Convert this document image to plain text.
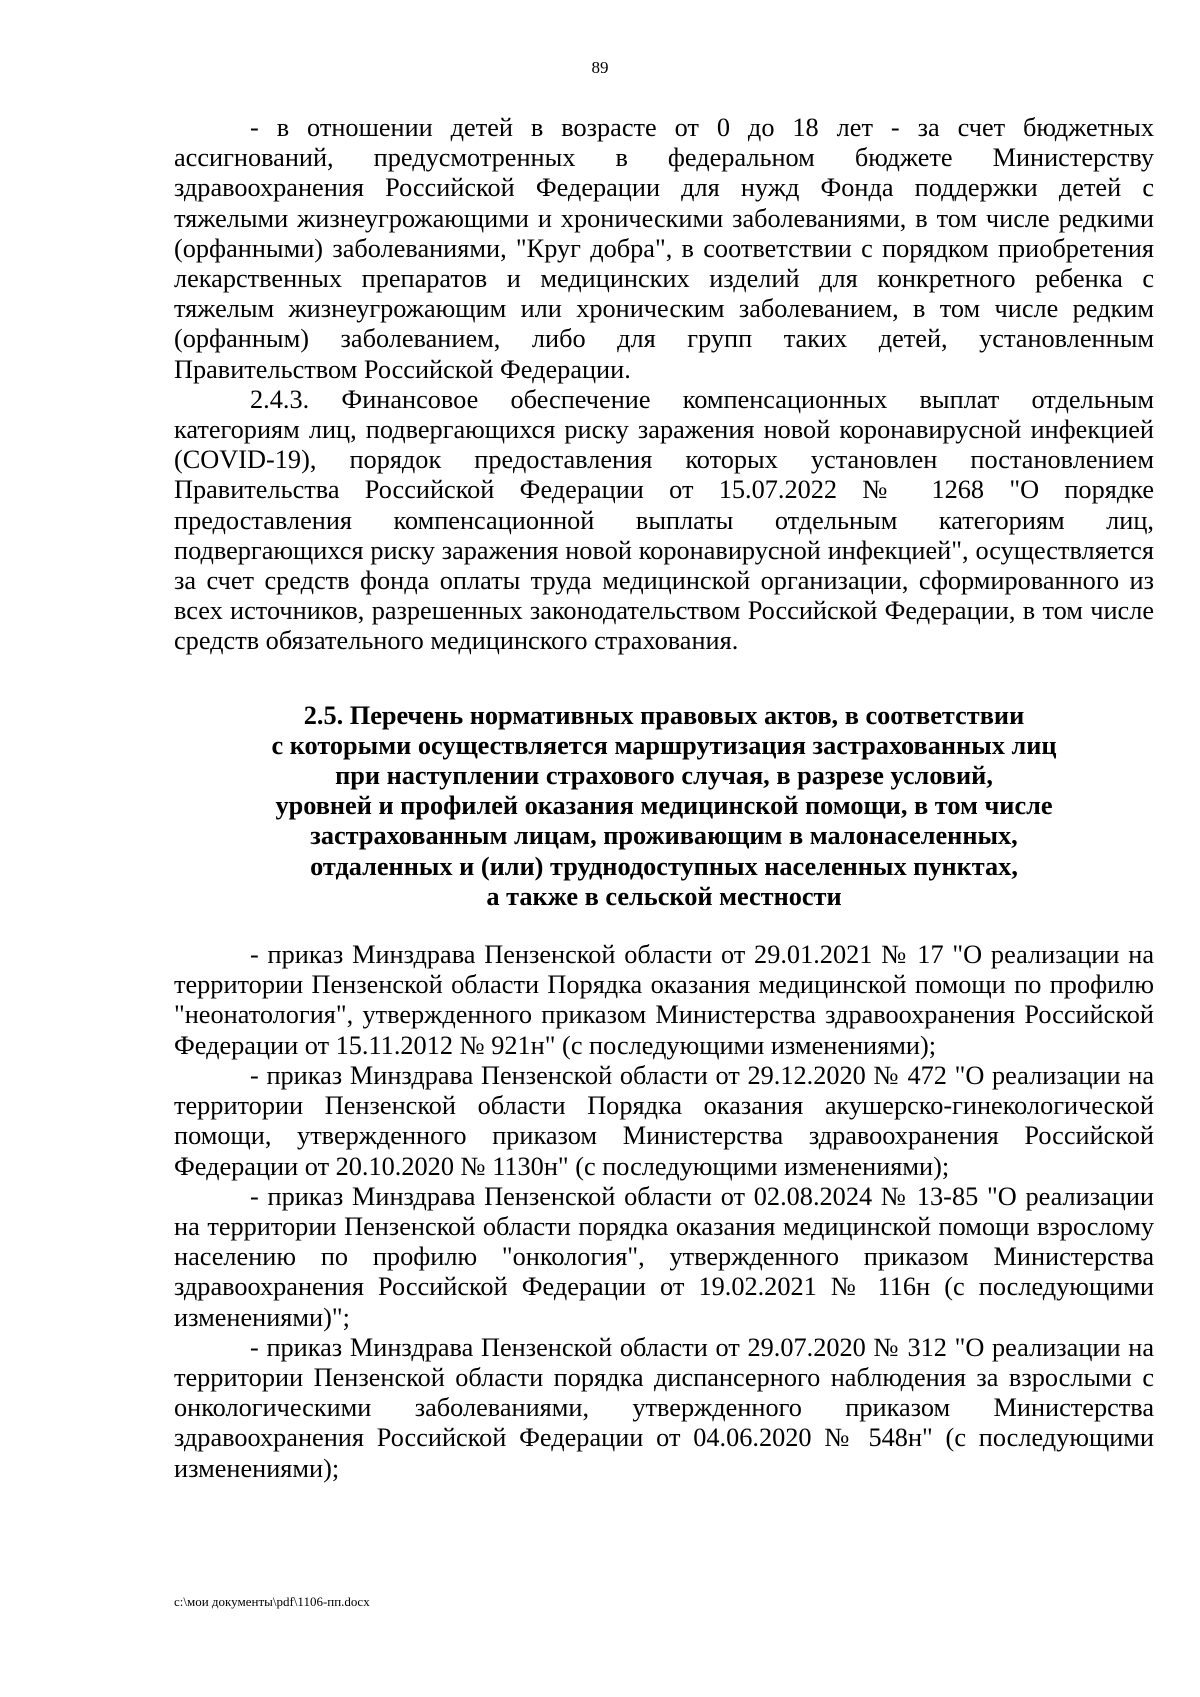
89

- в отношении детей в возрасте от 0 до 18 лет - за счет бюджетных ассигнований, предусмотренных в федеральном бюджете Министерству здравоохранения Российской Федерации для нужд Фонда поддержки детей с тяжелыми жизнеугрожающими и хроническими заболеваниями, в том числе редкими (орфанными) заболеваниями, "Круг добра", в соответствии с порядком приобретения лекарственных препаратов и медицинских изделий для конкретного ребенка с тяжелым жизнеугрожающим или хроническим заболеванием, в том числе редким (орфанным) заболеванием, либо для групп таких детей, установленным Правительством Российской Федерации.

2.4.3. Финансовое обеспечение компенсационных выплат отдельным категориям лиц, подвергающихся риску заражения новой коронавирусной инфекцией (COVID-19), порядок предоставления которых установлен постановлением Правительства Российской Федерации от 15.07.2022 № 1268 "О порядке предоставления компенсационной выплаты отдельным категориям лиц, подвергающихся риску заражения новой коронавирусной инфекцией", осуществляется за счет средств фонда оплаты труда медицинской организации, сформированного из всех источников, разрешенных законодательством Российской Федерации, в том числе средств обязательного медицинского страхования.

2.5. Перечень нормативных правовых актов, в соответствии
с которыми осуществляется маршрутизация застрахованных лиц
при наступлении страхового случая, в разрезе условий,
уровней и профилей оказания медицинской помощи, в том числе
застрахованным лицам, проживающим в малонаселенных,
отдаленных и (или) труднодоступных населенных пунктах,
а также в сельской местности

- приказ Минздрава Пензенской области от 29.01.2021 № 17 "О реализации на территории Пензенской области Порядка оказания медицинской помощи по профилю "неонатология", утвержденного приказом Министерства здравоохранения Российской Федерации от 15.11.2012 № 921н" (с последующими изменениями);

- приказ Минздрава Пензенской области от 29.12.2020 № 472 "О реализации на территории Пензенской области Порядка оказания акушерско-гинекологической помощи, утвержденного приказом Министерства здравоохранения Российской Федерации от 20.10.2020 № 1130н" (с последующими изменениями);

- приказ Минздрава Пензенской области от 02.08.2024 № 13-85 "О реализации на территории Пензенской области порядка оказания медицинской помощи взрослому населению по профилю "онкология", утвержденного приказом Министерства здравоохранения Российской Федерации от 19.02.2021 № 116н (с последующими изменениями)";

- приказ Минздрава Пензенской области от 29.07.2020 № 312 "О реализации на территории Пензенской области порядка диспансерного наблюдения за взрослыми с онкологическими заболеваниями, утвержденного приказом Министерства здравоохранения Российской Федерации от 04.06.2020 № 548н" (с последующими изменениями);

c:\мои документы\pdf\1106-пп.docx
